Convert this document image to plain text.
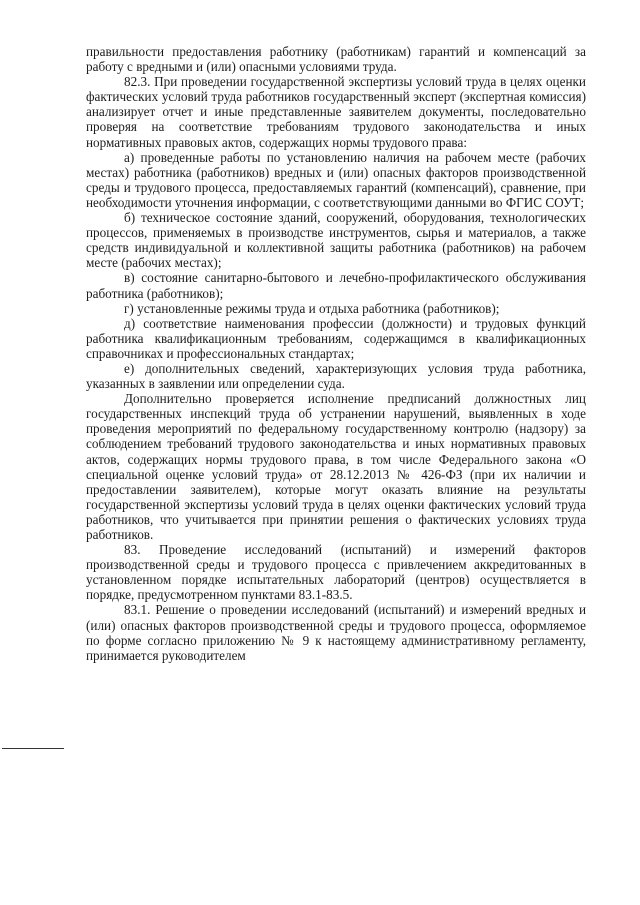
правильности предоставления работнику (работникам) гарантий и компенсаций за работу с вредными и (или) опасными условиями труда.

82.3. При проведении государственной экспертизы условий труда в целях оценки фактических условий труда работников государственный эксперт (экспертная комиссия) анализирует отчет и иные представленные заявителем документы, последовательно проверяя на соответствие требованиям трудового законодательства и иных нормативных правовых актов, содержащих нормы трудового права:

а) проведенные работы по установлению наличия на рабочем месте (рабочих местах) работника (работников) вредных и (или) опасных факторов производственной среды и трудового процесса, предоставляемых гарантий (компенсаций), сравнение, при необходимости уточнения информации, с соответствующими данными во ФГИС СОУТ;

б) техническое состояние зданий, сооружений, оборудования, технологических процессов, применяемых в производстве инструментов, сырья и материалов, а также средств индивидуальной и коллективной защиты работника (работников) на рабочем месте (рабочих местах);

в) состояние санитарно-бытового и лечебно-профилактического обслуживания работника (работников);

г) установленные режимы труда и отдыха работника (работников);

д) соответствие наименования профессии (должности) и трудовых функций работника квалификационным требованиям, содержащимся в квалификационных справочниках и профессиональных стандартах;

е) дополнительных сведений, характеризующих условия труда работника, указанных в заявлении или определении суда.

Дополнительно проверяется исполнение предписаний должностных лиц государственных инспекций труда об устранении нарушений, выявленных в ходе проведения мероприятий по федеральному государственному контролю (надзору) за соблюдением требований трудового законодательства и иных нормативных правовых актов, содержащих нормы трудового права, в том числе Федерального закона «О специальной оценке условий труда» от 28.12.2013 № 426-ФЗ (при их наличии и предоставлении заявителем), которые могут оказать влияние на результаты государственной экспертизы условий труда в целях оценки фактических условий труда работников, что учитывается при принятии решения о фактических условиях труда работников.

83. Проведение исследований (испытаний) и измерений факторов производственной среды и трудового процесса с привлечением аккредитованных в установленном порядке испытательных лабораторий (центров) осуществляется в порядке, предусмотренном пунктами 83.1-83.5.

83.1. Решение о проведении исследований (испытаний) и измерений вредных и (или) опасных факторов производственной среды и трудового процесса, оформляемое по форме согласно приложению № 9 к настоящему административному регламенту, принимается руководителем
